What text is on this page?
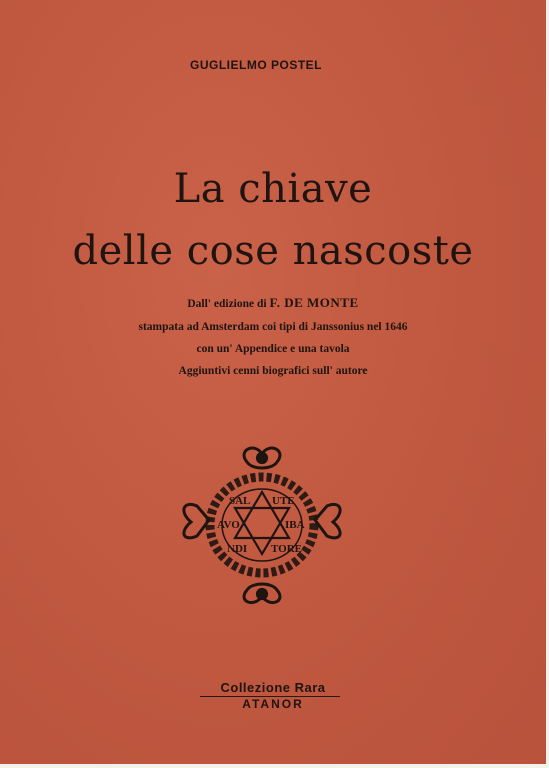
GUGLIELMO POSTEL
La chiave
delle cose nascoste
Dall' edizione di F. DE MONTE
stampata ad Amsterdam coi tipi di Janssonius nel 1646
con un' Appendice e una tavola
Aggiuntivi cenni biografici sull' autore
SAL UTE
AVO	IBA
NDI TORE
Collezione Rara
ATANOR
